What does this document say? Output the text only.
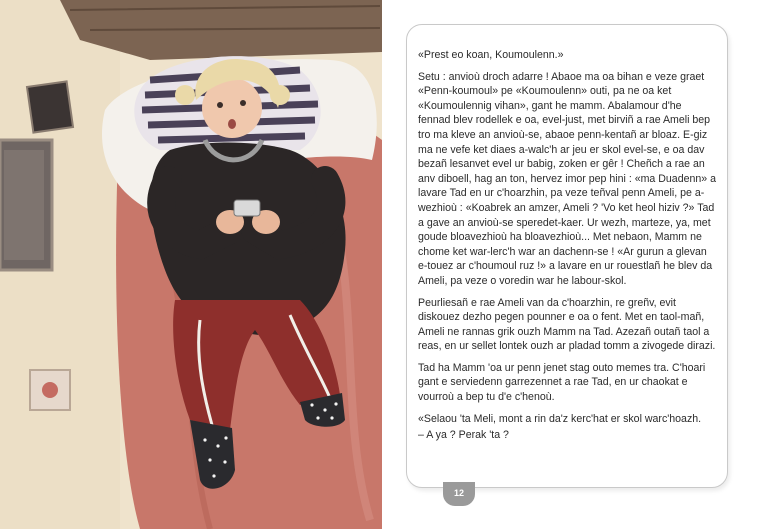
«Prest eo koan, Koumoulenn.»

Setu : anvioù droch adarre ! Abaoe ma oa bihan e veze graet «Penn-koumoul» pe «Koumoulenn» outi, pa ne oa ket «Koumoulennig vihan», gant he mamm. Abalamour d'he fennad blev rodellek e oa, evel-just, met birviñ a rae Ameli bep tro ma kleve an anvioù-se, abaoe penn-kentañ ar bloaz. E-giz ma ne vefe ket diaes a-walc'h ar jeu er skol evel-se, e oa dav bezañ lesanvet evel ur babig, zoken er gêr ! Cheñch a rae an anv diboell, hag an ton, hervez imor pep hini : «ma Duadenn» a lavare Tad en ur c'hoarzhin, pa veze teñval penn Ameli, pe a-wezhioù : «Koabrek an amzer, Ameli ? 'Vo ket heol hiziv ?» Tad a gave an anvioù-se speredet-kaer. Ur wezh, marteze, ya, met goude bloavezhioù ha bloavezhioù... Met nebaon, Mamm ne chome ket war-lerc'h war an dachenn-se ! «Ar gurun a glevan e-touez ar c'houmoul ruz !» a lavare en ur rouestlañ he blev da Ameli, pa veze o voredin war he labour-skol.

Peurliesañ e rae Ameli van da c'hoarzhin, re greñv, evit diskouez dezho pegen pounner e oa o fent. Met en taol-mañ, Ameli ne rannas grik ouzh Mamm na Tad. Azezañ outañ taol a reas, en ur sellet lontek ouzh ar pladad tomm a zivogede dirazi.

Tad ha Mamm 'oa ur penn jenet stag outo memes tra. C'hoari gant e serviedenn garrezennet a rae Tad, en ur chaokat e vourroù a bep tu d'e c'henoù.

«Selaou 'ta Meli, mont a rin da'z kerc'hat er skol warc'hoazh.

– A ya ? Perak 'ta ?

12
